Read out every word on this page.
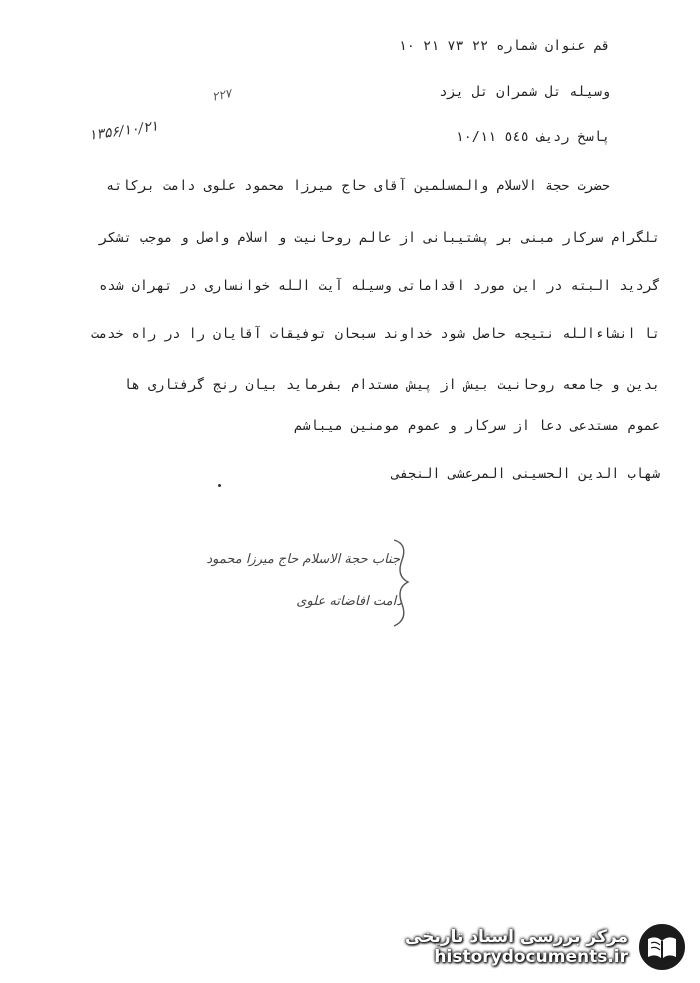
قم عنوان شماره ۲۲ ۷۳ ۲۱ ۱۰
۲۲۷	وسیله تل شمران تل یزد
۱۳۵۶/۱۰/۲۱	پاسخ ردیف ٥٤٥ ۱۰/۱۱
حضرت حجة الاسلام والمسلمین آقای حاج میرزا محمود علوی دامت برکاته
تلگرام سرکار مبنی بر پشتیبانی از عالم روحانیت و اسلام واصل و موجب تشکر
گردید البته در این مورد اقداماتی وسیله آیت الله خوانساری در تهران شده
تا انشاءالله نتیجه حاصل شود خداوند سبحان توفیقات آقایان را در راه خدمت
بدین و جامعه روحانیت بیش از پیش مستدام بفرماید بیان رنج گرفتاری ها
عموم مستدعی دعا از سرکار و عموم مومنین میباشم
شهاب الدین الحسینی المرعشی النجفی
جناب حجة الاسلام حاج میرزا محمود
دامت افاضاته علوی
مرکز بررسی اسناد تاریخی
historydocuments.ir
